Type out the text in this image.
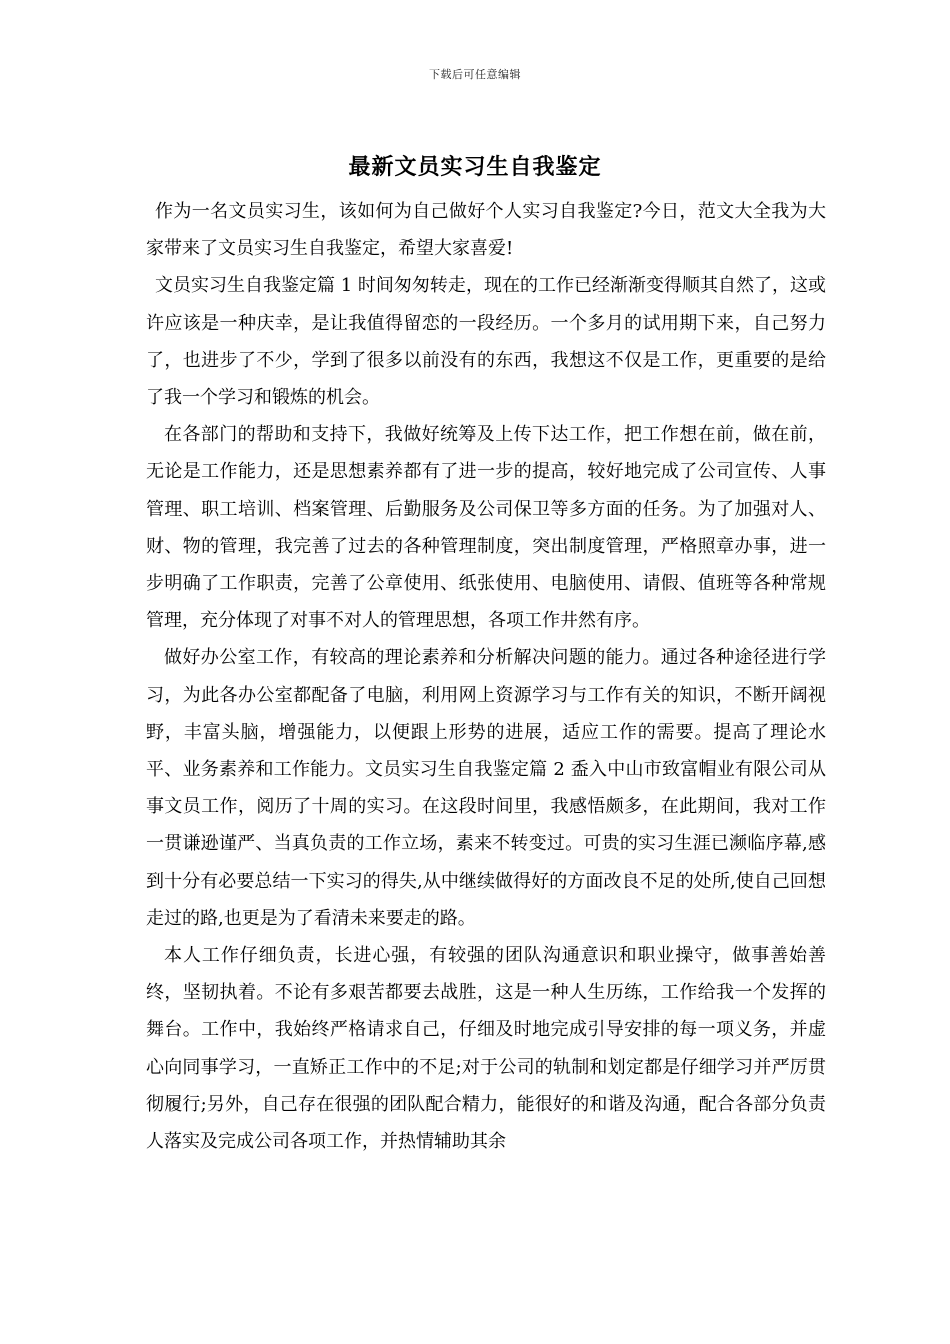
下载后可任意编辑
最新文员实习生自我鉴定

作为一名文员实习生，该如何为自己做好个人实习自我鉴定?今日，范文大全我为大家带来了文员实习生自我鉴定，希望大家喜爱!

文员实习生自我鉴定篇 1 时间匆匆转走，现在的工作已经渐渐变得顺其自然了，这或许应该是一种庆幸，是让我值得留恋的一段经历。一个多月的试用期下来，自己努力了，也进步了不少，学到了很多以前没有的东西，我想这不仅是工作，更重要的是给了我一个学习和锻炼的机会。

在各部门的帮助和支持下，我做好统筹及上传下达工作，把工作想在前，做在前，无论是工作能力，还是思想素养都有了进一步的提高，较好地完成了公司宣传、人事管理、职工培训、档案管理、后勤服务及公司保卫等多方面的任务。为了加强对人、财、物的管理，我完善了过去的各种管理制度，突出制度管理，严格照章办事，进一步明确了工作职责，完善了公章使用、纸张使用、电脑使用、请假、值班等各种常规管理，充分体现了对事不对人的管理思想，各项工作井然有序。

做好办公室工作，有较高的理论素养和分析解决问题的能力。通过各种途径进行学习，为此各办公室都配备了电脑，利用网上资源学习与工作有关的知识，不断开阔视野，丰富头脑，增强能力，以便跟上形势的进展，适应工作的需要。提高了理论水平、业务素养和工作能力。文员实习生自我鉴定篇 2 盉入中山市致富帽业有限公司从事文员工作，阅历了十周的实习。在这段时间里，我感悟颇多，在此期间，我对工作一贯谦逊谨严、当真负责的工作立场，素来不转变过。可贵的实习生涯已濒临序幕,感到十分有必要总结一下实习的得失,从中继续做得好的方面改良不足的处所,使自己回想走过的路,也更是为了看清未来要走的路。

本人工作仔细负责，长进心强，有较强的团队沟通意识和职业操守，做事善始善终，坚韧执着。不论有多艰苦都要去战胜，这是一种人生历练，工作给我一个发挥的舞台。工作中，我始终严格请求自己，仔细及时地完成引导安排的每一项义务，并虚心向同事学习，一直矫正工作中的不足;对于公司的轨制和划定都是仔细学习并严厉贯彻履行;另外，自己存在很强的团队配合精力，能很好的和谐及沟通，配合各部分负责人落实及完成公司各项工作，并热情辅助其余
